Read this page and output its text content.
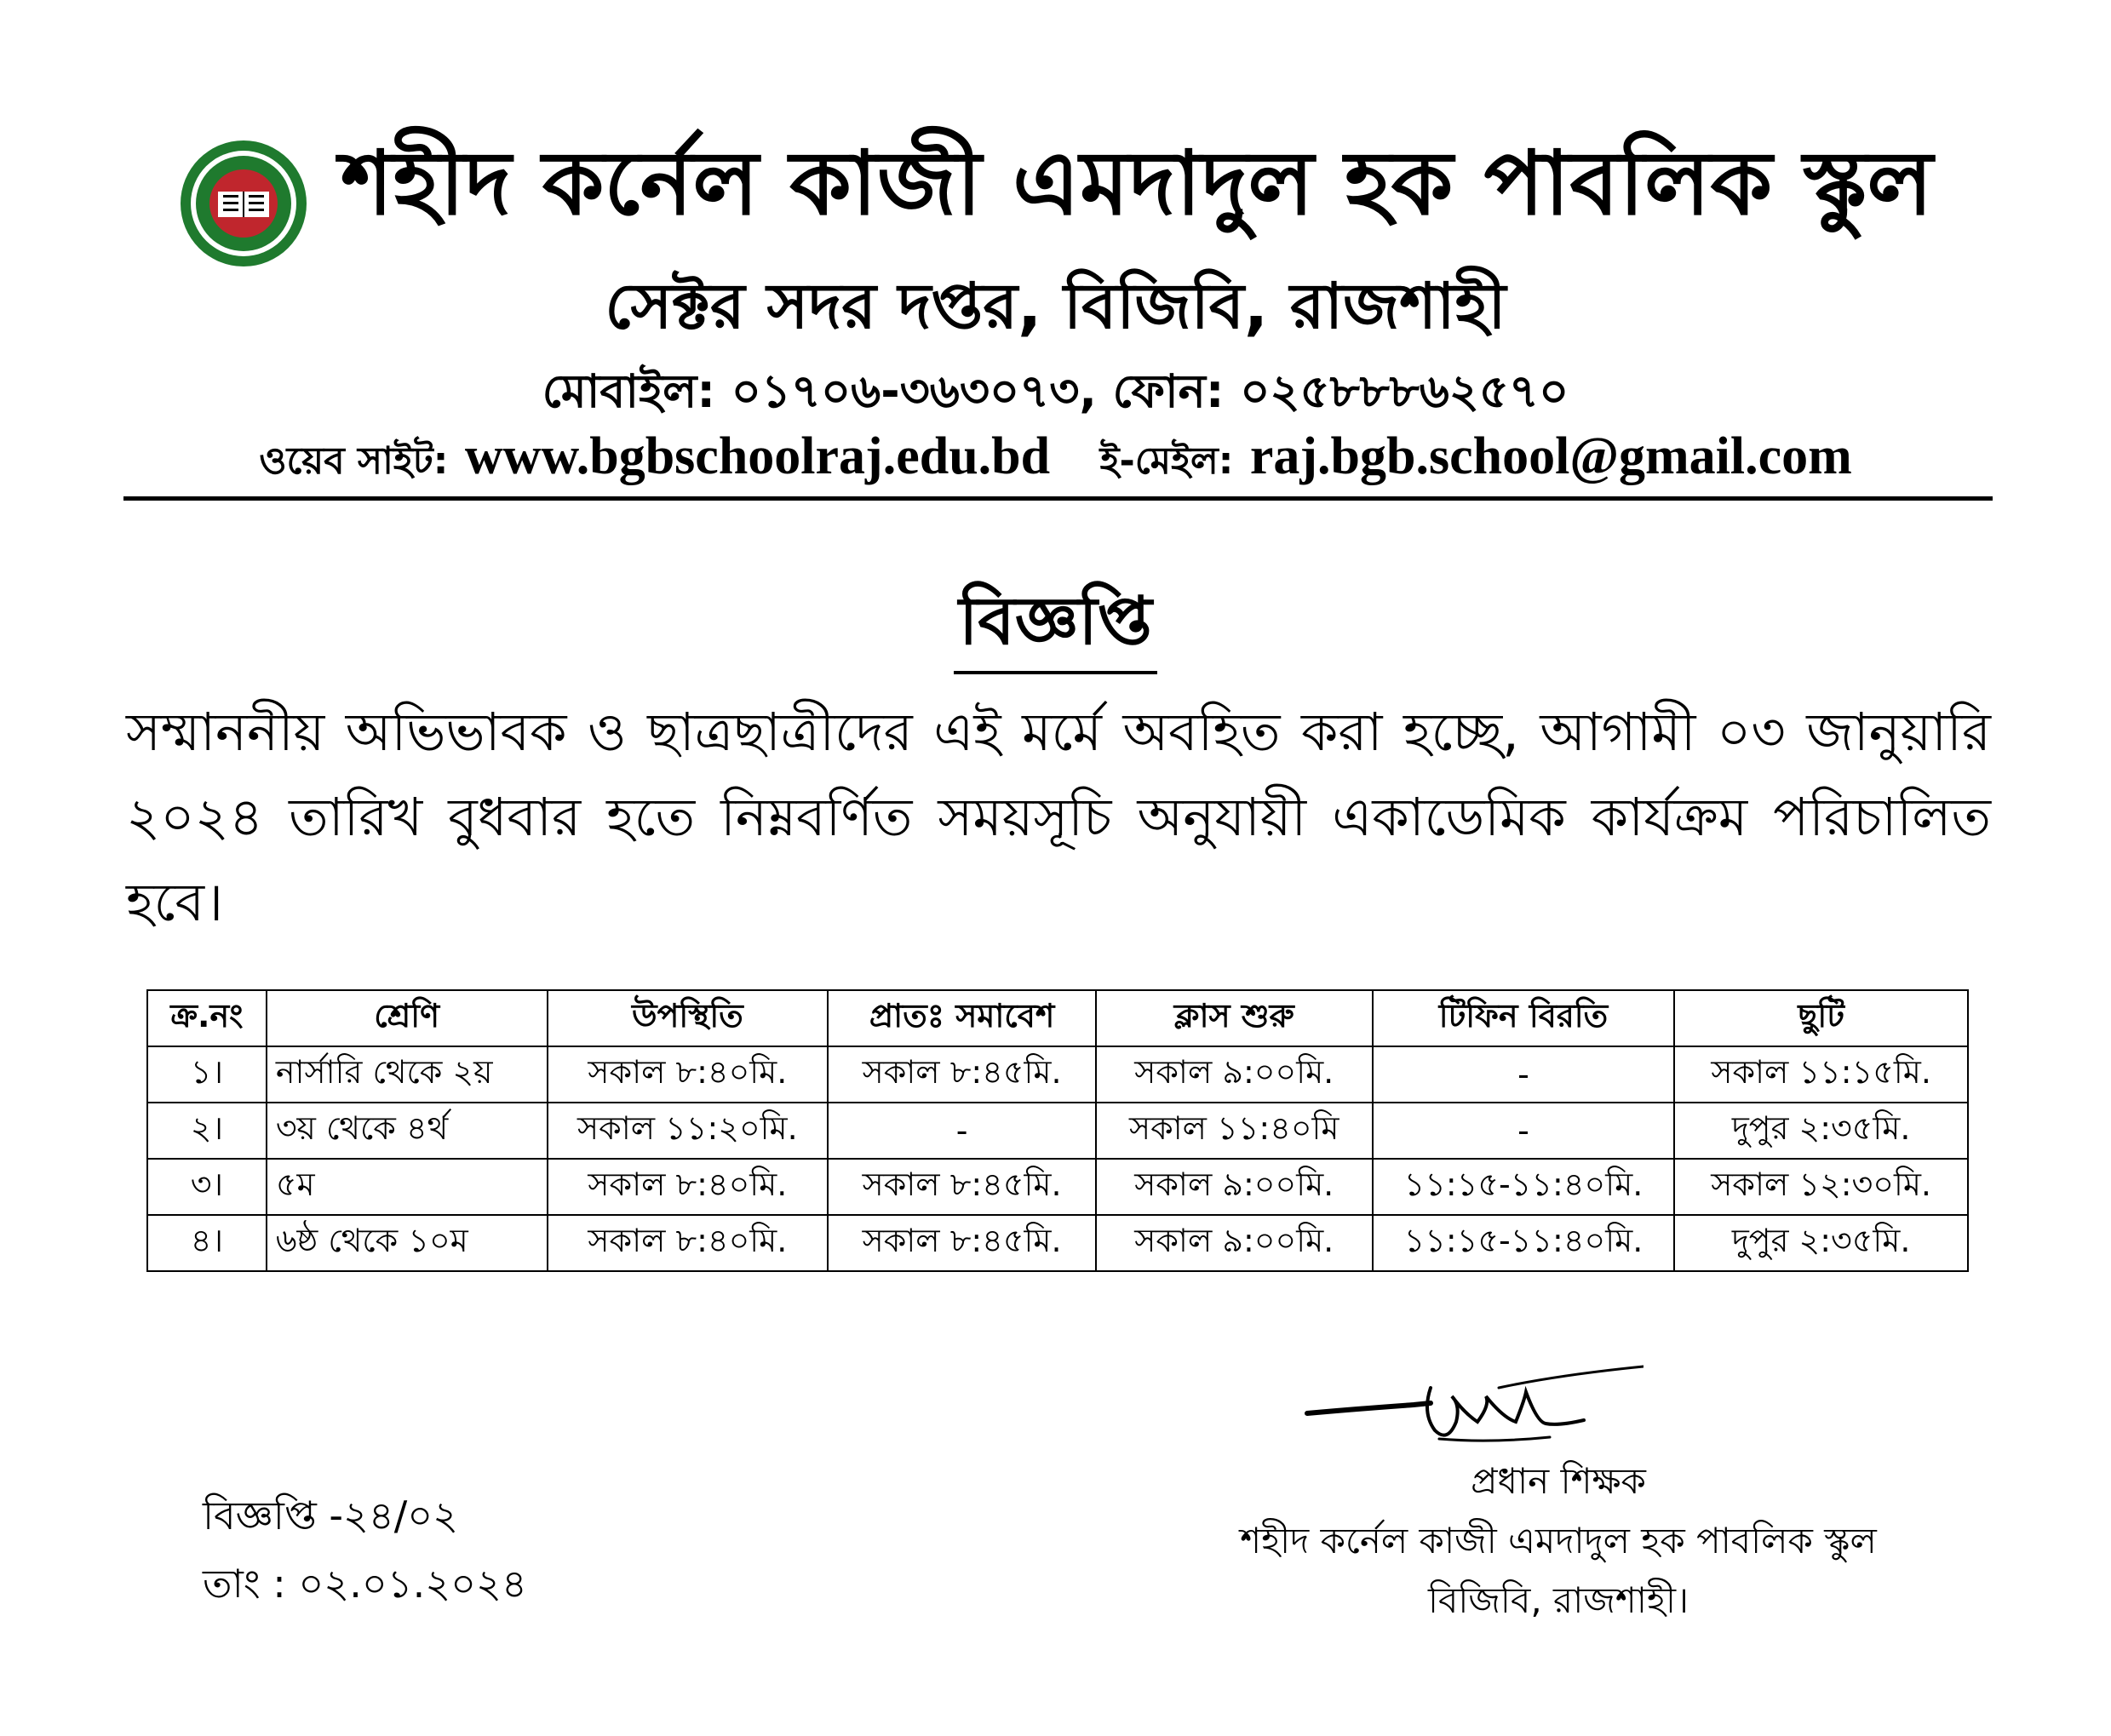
শহীদ কর্নেল কাজী এমদাদুল হক পাবলিক স্কুল
সেক্টর সদর দপ্তর, বিজিবি, রাজশাহী
মোবাইল: ০১৭০৬-৩৬৩০৭৩, ফোন: ০২৫৮৮৮৬২৫৭০
ওয়েব সাইট: www.bgbschoolraj.edu.bd ই-মেইল: raj.bgb.school@gmail.com
বিজ্ঞপ্তি
সম্মাননীয় অভিভাবক ও ছাত্রছাত্রীদের এই মর্মে অবহিত করা হচ্ছে, আগামী ০৩ জানুয়ারি ২০২৪ তারিখ বুধবার হতে নিম্নবর্ণিত সময়সূচি অনুযায়ী একাডেমিক কার্যক্রম পরিচালিত হবে।
ক্র.নং	শ্রেণি	উপস্থিতি	প্রাতঃ সমাবেশ	ক্লাস শুরু	টিফিন বিরতি	ছুটি
১।	নার্সারি থেকে ২য়	সকাল ৮:৪০মি.	সকাল ৮:৪৫মি.	সকাল ৯:০০মি.	-	সকাল ১১:১৫মি.
২।	৩য় থেকে ৪র্থ	সকাল ১১:২০মি.	-	সকাল ১১:৪০মি	-	দুপুর ২:৩৫মি.
৩।	৫ম	সকাল ৮:৪০মি.	সকাল ৮:৪৫মি.	সকাল ৯:০০মি.	১১:১৫-১১:৪০মি.	সকাল ১২:৩০মি.
৪।	৬ষ্ঠ থেকে ১০ম	সকাল ৮:৪০মি.	সকাল ৮:৪৫মি.	সকাল ৯:০০মি.	১১:১৫-১১:৪০মি.	দুপুর ২:৩৫মি.
বিজ্ঞপ্তি -২৪/০২
তাং : ০২.০১.২০২৪
প্রধান শিক্ষক
শহীদ কর্নেল কাজী এমদাদুল হক পাবলিক স্কুল
বিজিবি, রাজশাহী।
